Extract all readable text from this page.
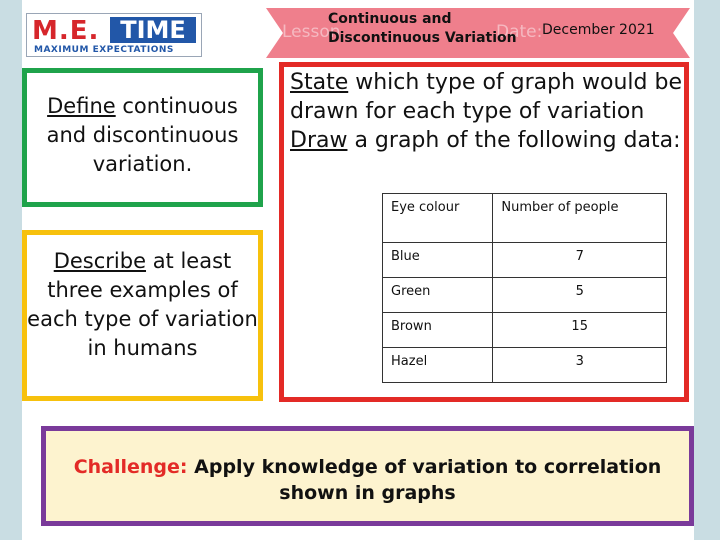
M.E. TIME
MAXIMUM EXPECTATIONS
Lesson	Date:
Continuous and Discontinuous Variation	December 2021
Define continuous and discontinuous variation.
Describe at least three examples of each type of variation in humans
State which type of graph would be drawn for each type of variation
Draw a graph of the following data:
Eye colour	Number of people
Blue	7
Green	5
Brown	15
Hazel	3
Challenge: Apply knowledge of variation to correlation shown in graphs
